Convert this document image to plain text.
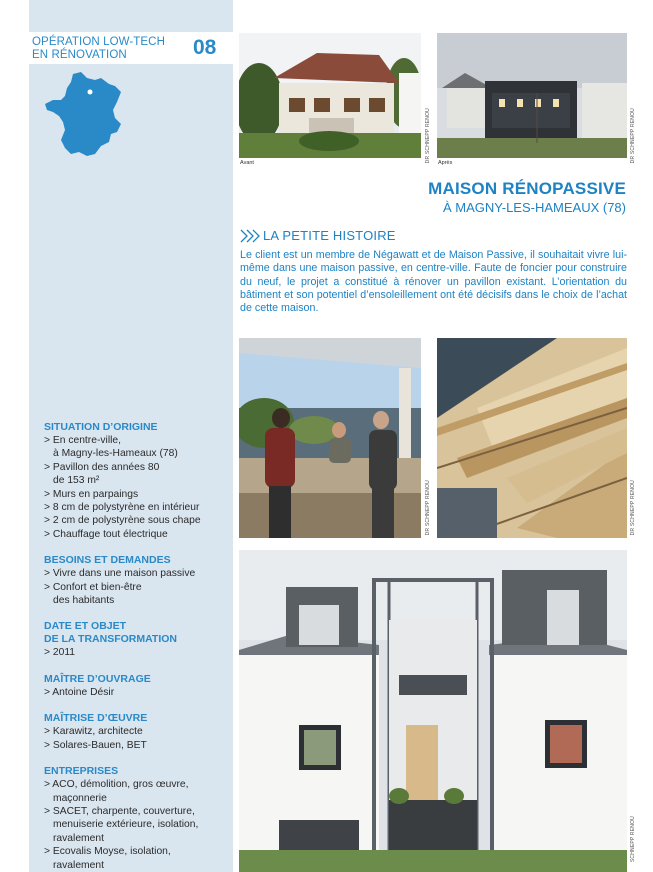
OPÉRATION LOW-TECH
EN RÉNOVATION	08
SITUATION D’ORIGINE
> En centre-ville,
à Magny-les-Hameaux (78)
> Pavillon des années 80
de 153 m²
> Murs en parpaings
> 8 cm de polystyrène en intérieur
> 2 cm de polystyrène sous chape
> Chauffage tout électrique
BESOINS ET DEMANDES
> Vivre dans une maison passive
> Confort et bien-être
des habitants
DATE ET OBJET
DE LA TRANSFORMATION
> 2011
MAÎTRE D’OUVRAGE
> Antoine Désir
MAÎTRISE D’ŒUVRE
> Karawitz, architecte
> Solares-Bauen, BET
ENTREPRISES
> ACO, démolition, gros œuvre,
maçonnerie
> SACET, charpente, couverture,
menuiserie extérieure, isolation,
ravalement
> Ecovalis Moyse, isolation,
ravalement
Avant	DR SCHNEPP RENOU Après	DR SCHNEPP RENOU
MAISON RÉNOPASSIVE
À MAGNY-LES-HAMEAUX (78)
LA PETITE HISTOIRE
Le client est un membre de Négawatt et de Maison Passive, il souhaitait vivre lui-même dans une maison passive, en centre-ville. Faute de foncier pour construire du neuf, le projet a constitué à rénover un pavillon existant. L’orientation du bâtiment et son potentiel d’ensoleillement ont été décisifs dans le choix de l’achat de cette maison.
DR SCHNEPP RENOU	DR SCHNEPP RENOU
SCHNEPP RENOU
